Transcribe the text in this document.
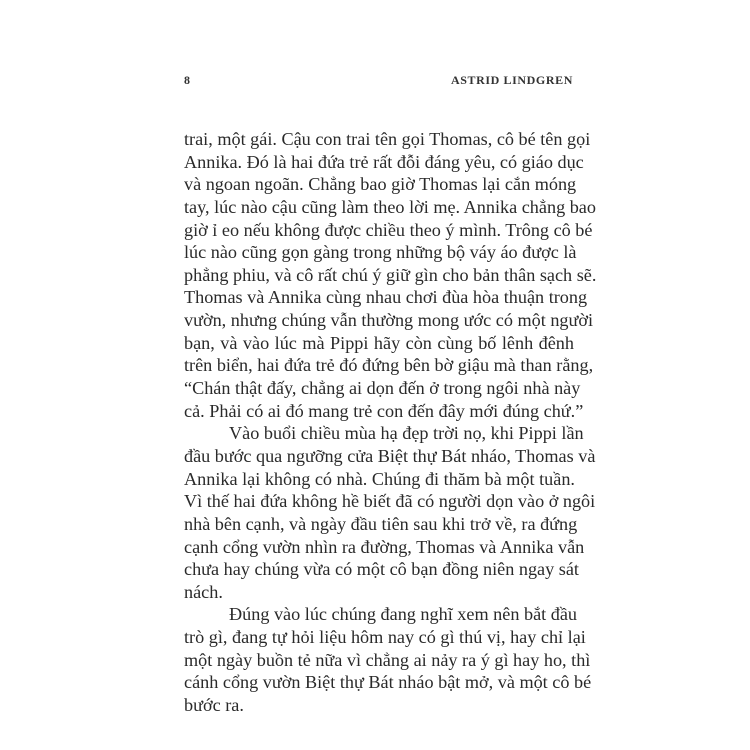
8	ASTRID LINDGREN
trai, một gái. Cậu con trai tên gọi Thomas, cô bé tên gọi
Annika. Đó là hai đứa trẻ rất đỗi đáng yêu, có giáo dục
và ngoan ngoãn. Chẳng bao giờ Thomas lại cắn móng
tay, lúc nào cậu cũng làm theo lời mẹ. Annika chẳng bao
giờ ỉ eo nếu không được chiều theo ý mình. Trông cô bé
lúc nào cũng gọn gàng trong những bộ váy áo được là
phẳng phiu, và cô rất chú ý giữ gìn cho bản thân sạch sẽ.
Thomas và Annika cùng nhau chơi đùa hòa thuận trong
vườn, nhưng chúng vẫn thường mong ước có một người
bạn, và vào lúc mà Pippi hãy còn cùng bố lênh đênh
trên biển, hai đứa trẻ đó đứng bên bờ giậu mà than rằng,
“Chán thật đấy, chẳng ai dọn đến ở trong ngôi nhà này
cả. Phải có ai đó mang trẻ con đến đây mới đúng chứ.”
Vào buổi chiều mùa hạ đẹp trời nọ, khi Pippi lần
đầu bước qua ngưỡng cửa Biệt thự Bát nháo, Thomas và
Annika lại không có nhà. Chúng đi thăm bà một tuần.
Vì thế hai đứa không hề biết đã có người dọn vào ở ngôi
nhà bên cạnh, và ngày đầu tiên sau khi trở về, ra đứng
cạnh cổng vườn nhìn ra đường, Thomas và Annika vẫn
chưa hay chúng vừa có một cô bạn đồng niên ngay sát
nách.
Đúng vào lúc chúng đang nghĩ xem nên bắt đầu
trò gì, đang tự hỏi liệu hôm nay có gì thú vị, hay chỉ lại
một ngày buồn tẻ nữa vì chẳng ai nảy ra ý gì hay ho, thì
cánh cổng vườn Biệt thự Bát nháo bật mở, và một cô bé
bước ra.
